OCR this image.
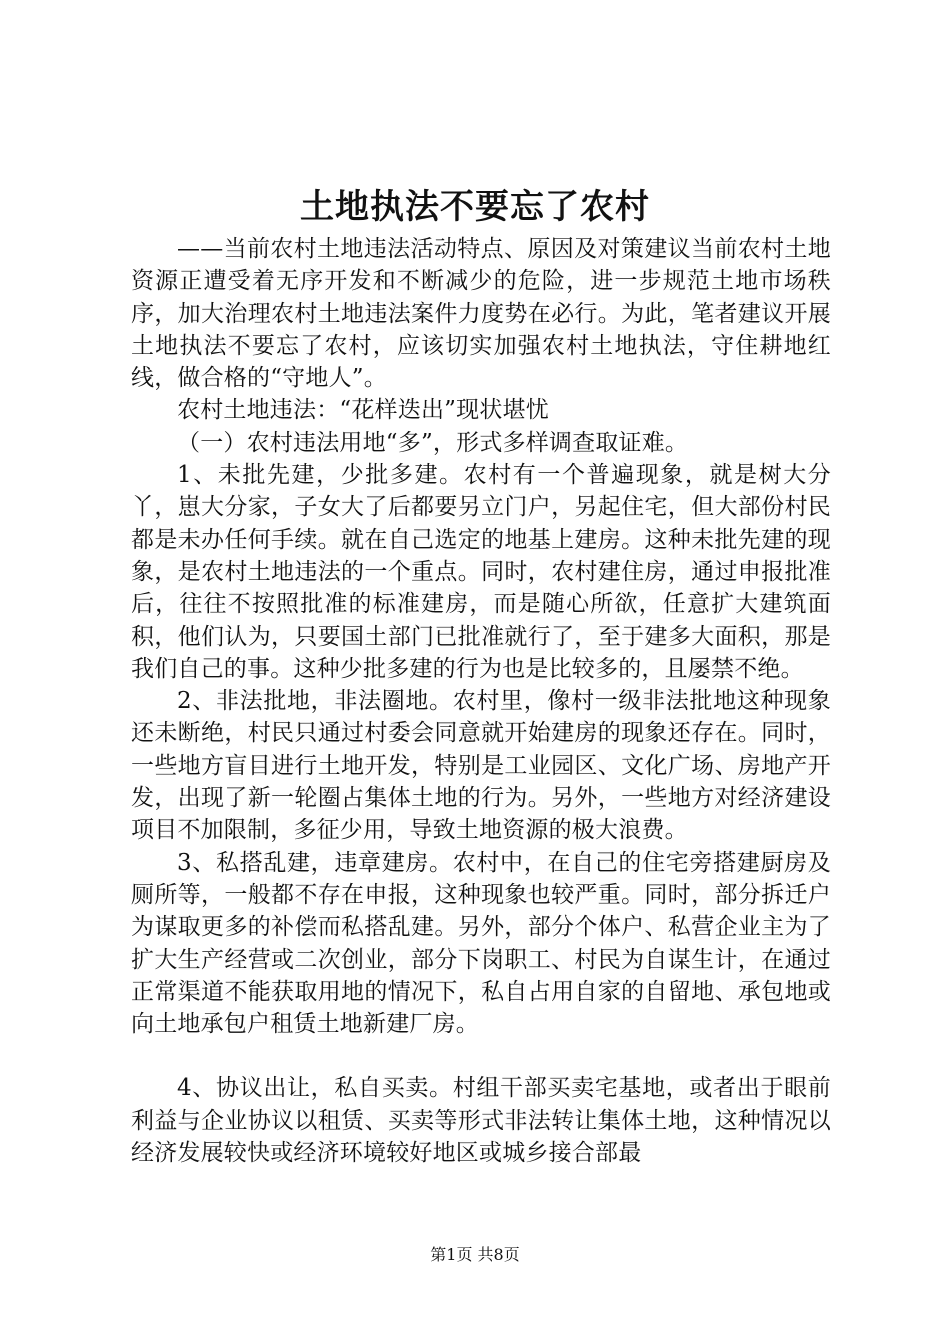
土地执法不要忘了农村

——当前农村土地违法活动特点、原因及对策建议当前农村土地资源正遭受着无序开发和不断减少的危险，进一步规范土地市场秩序，加大治理农村土地违法案件力度势在必行。为此，笔者建议开展土地执法不要忘了农村，应该切实加强农村土地执法，守住耕地红线，做合格的“守地人”。

农村土地违法：“花样迭出”现状堪忧

（一）农村违法用地“多”，形式多样调查取证难。

1、未批先建，少批多建。农村有一个普遍现象，就是树大分丫，崽大分家，子女大了后都要另立门户，另起住宅，但大部份村民都是未办任何手续。就在自己选定的地基上建房。这种未批先建的现象，是农村土地违法的一个重点。同时，农村建住房，通过申报批准后，往往不按照批准的标准建房，而是随心所欲，任意扩大建筑面积，他们认为，只要国土部门已批准就行了，至于建多大面积，那是我们自己的事。这种少批多建的行为也是比较多的，且屡禁不绝。

2、非法批地，非法圈地。农村里，像村一级非法批地这种现象还未断绝，村民只通过村委会同意就开始建房的现象还存在。同时，一些地方盲目进行土地开发，特别是工业园区、文化广场、房地产开发，出现了新一轮圈占集体土地的行为。另外，一些地方对经济建设项目不加限制，多征少用，导致土地资源的极大浪费。

3、私搭乱建，违章建房。农村中，在自己的住宅旁搭建厨房及厕所等，一般都不存在申报，这种现象也较严重。同时，部分拆迁户为谋取更多的补偿而私搭乱建。另外，部分个体户、私营企业主为了扩大生产经营或二次创业，部分下岗职工、村民为自谋生计，在通过正常渠道不能获取用地的情况下，私自占用自家的自留地、承包地或向土地承包户租赁土地新建厂房。

4、协议出让，私自买卖。村组干部买卖宅基地，或者出于眼前利益与企业协议以租赁、买卖等形式非法转让集体土地，这种情况以经济发展较快或经济环境较好地区或城乡接合部最

第1页 共8页
